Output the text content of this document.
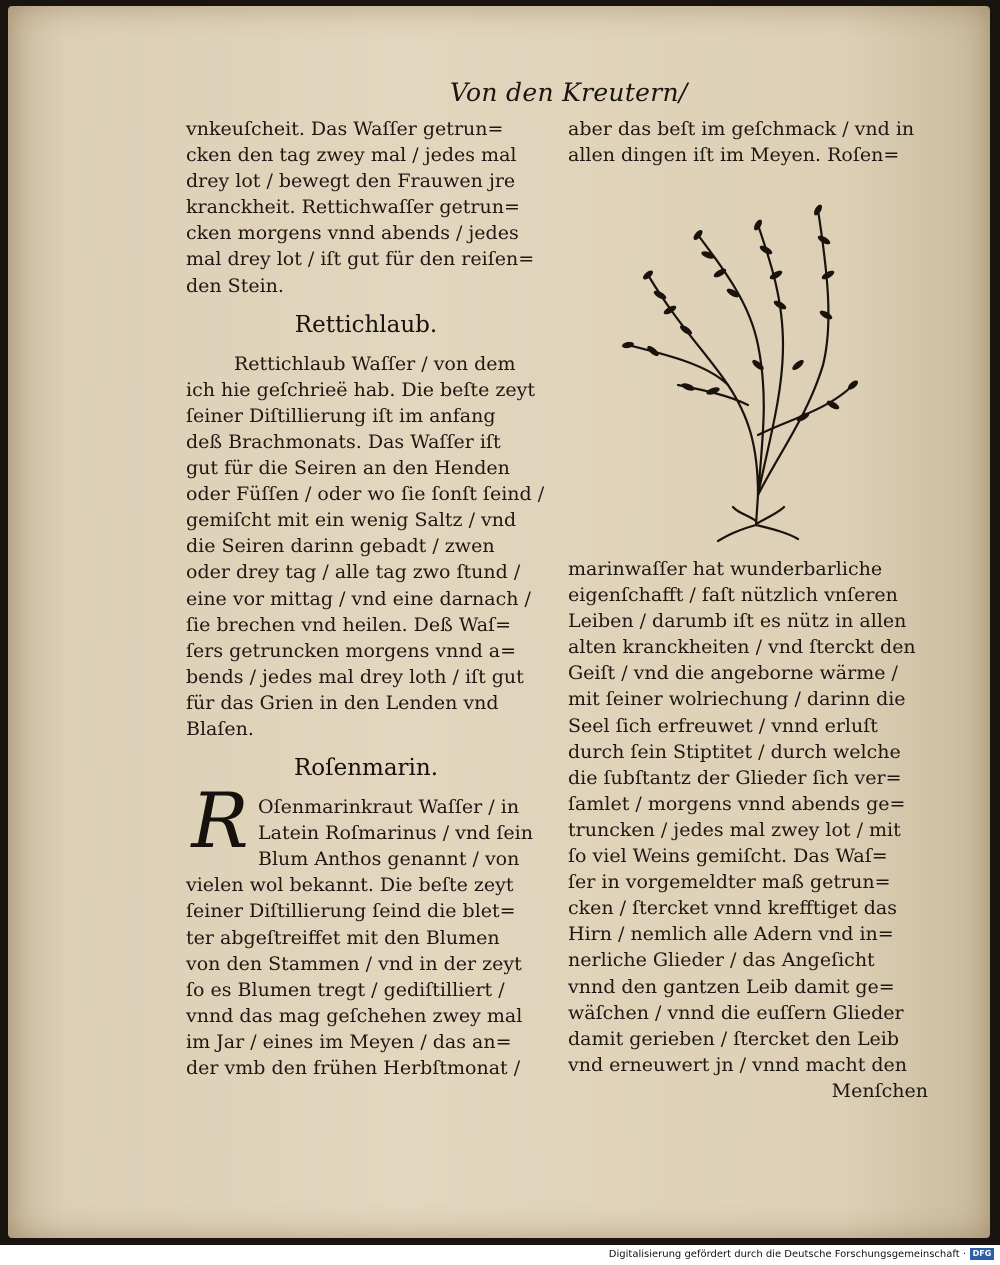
Von den Kreutern/
vnkeuſcheit. Das Waſſer getrun=
cken den tag zwey mal / jedes mal
drey lot / bewegt den Frauwen jre
kranckheit. Rettichwaſſer getrun=
cken morgens vnnd abends / jedes
mal drey lot / iſt gut für den reiſen=
den Stein.
Rettichlaub.
Rettichlaub Waſſer / von dem
ich hie geſchrieë hab. Die beſte zeyt
ſeiner Diſtillierung iſt im anfang
deß Brachmonats. Das Waſſer iſt
gut für die Seiren an den Henden
oder Füſſen / oder wo ſie ſonſt ſeind /
gemiſcht mit ein wenig Saltz / vnd
die Seiren darinn gebadt / zwen
oder drey tag / alle tag zwo ſtund /
eine vor mittag / vnd eine darnach /
ſie brechen vnd heilen. Deß Waſ=
ſers getruncken morgens vnnd a=
bends / jedes mal drey loth / iſt gut
für das Grien in den Lenden vnd
Blaſen.
Roſenmarin.
Oſenmarinkraut Waſſer / in
Latein Roſmarinus / vnd ſein
Blum Anthos genannt / von
vielen wol bekannt. Die beſte zeyt
ſeiner Diſtillierung ſeind die blet=
ter abgeſtreiffet mit den Blumen
von den Stammen / vnd in der zeyt
ſo es Blumen tregt / gediſtilliert /
vnnd das mag geſchehen zwey mal
im Jar / eines im Meyen / das an=
der vmb den frühen Herbſtmonat /
R
aber das beſt im geſchmack / vnd in
allen dingen iſt im Meyen. Roſen=
marinwaſſer hat wunderbarliche
eigenſchafft / faſt nützlich vnſeren
Leiben / darumb iſt es nütz in allen
alten kranckheiten / vnd ſterckt den
Geiſt / vnd die angeborne wärme /
mit ſeiner wolriechung / darinn die
Seel ſich erfreuwet / vnnd erluſt
durch ſein Stiptitet / durch welche
die ſubſtantz der Glieder ſich ver=
ſamlet / morgens vnnd abends ge=
truncken / jedes mal zwey lot / mit
ſo viel Weins gemiſcht. Das Waſ=
ſer in vorgemeldter maß getrun=
cken / ſtercket vnnd krefftiget das
Hirn / nemlich alle Adern vnd in=
nerliche Glieder / das Angeſicht
vnnd den gantzen Leib damit ge=
wäſchen / vnnd die euſſern Glieder
damit gerieben / ſtercket den Leib
vnd erneuwert jn / vnnd macht den
Menſchen
Digitalisierung gefördert durch die Deutsche Forschungsgemeinschaft · DFG
